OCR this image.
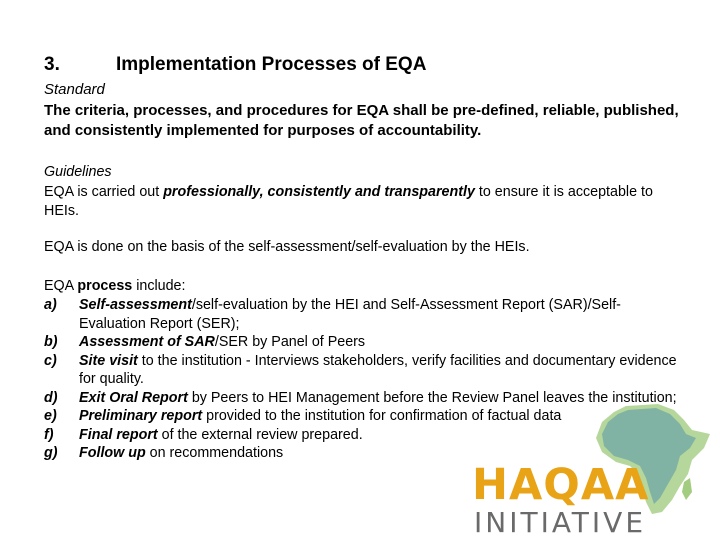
3.	Implementation Processes of EQA
Standard
The criteria, processes, and procedures for EQA shall be pre-defined, reliable, published, and consistently implemented for purposes of accountability.
Guidelines
EQA is carried out professionally, consistently and transparently to ensure it is acceptable to HEIs.
EQA is done on the basis of the self-assessment/self-evaluation by the HEIs.
EQA process include:
a)	Self-assessment/self-evaluation by the HEI and Self-Assessment Report (SAR)/Self-Evaluation Report (SER);
b)	Assessment of SAR/SER by Panel of Peers
c)	Site visit to the institution - Interviews stakeholders, verify facilities and documentary evidence for quality.
d)	Exit Oral Report by Peers to HEI Management before the Review Panel leaves the institution;
e)	Preliminary report provided to the institution for confirmation of factual data
f)	Final report of the external review prepared.
g)	Follow up on recommendations
HAQAA
INITIATIVE
